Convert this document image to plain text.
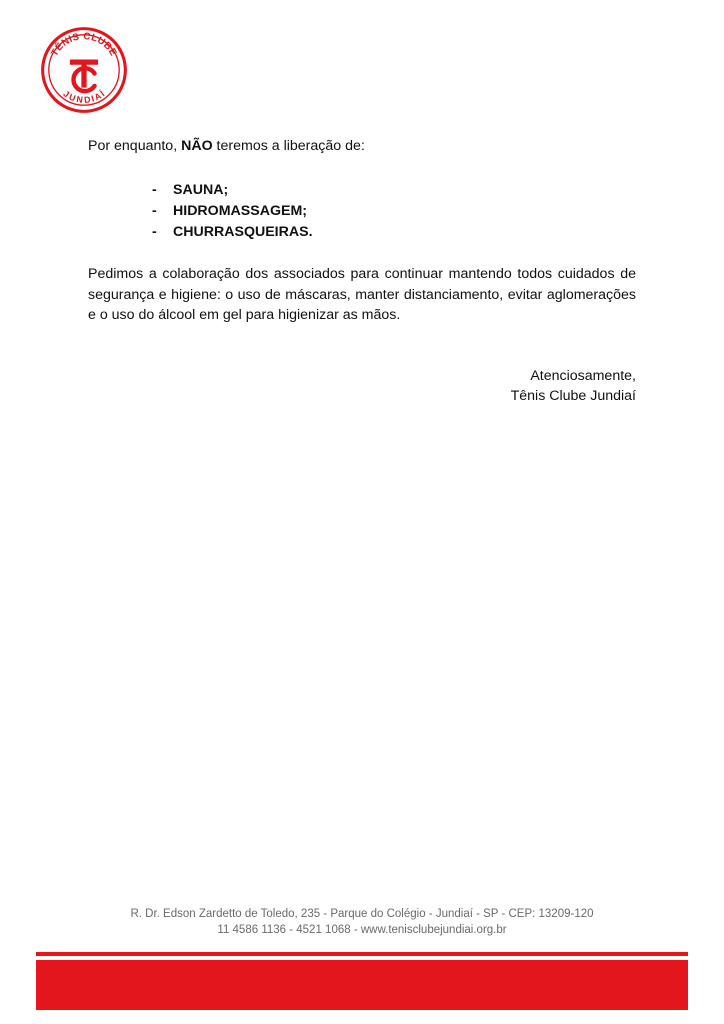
TÊNIS CLUBE
JUNDIAÍ

Por enquanto, NÃO teremos a liberação de:

- SAUNA;
- HIDROMASSAGEM;
- CHURRASQUEIRAS.

Pedimos a colaboração dos associados para continuar mantendo todos cuidados de segurança e higiene: o uso de máscaras, manter distanciamento, evitar aglomerações e o uso do álcool em gel para higienizar as mãos.

Atenciosamente,
Tênis Clube Jundiaí
R. Dr. Edson Zardetto de Toledo, 235 - Parque do Colégio - Jundiaí - SP - CEP: 13209-120
11 4586 1136 - 4521 1068 - www.tenisclubejundiai.org.br
